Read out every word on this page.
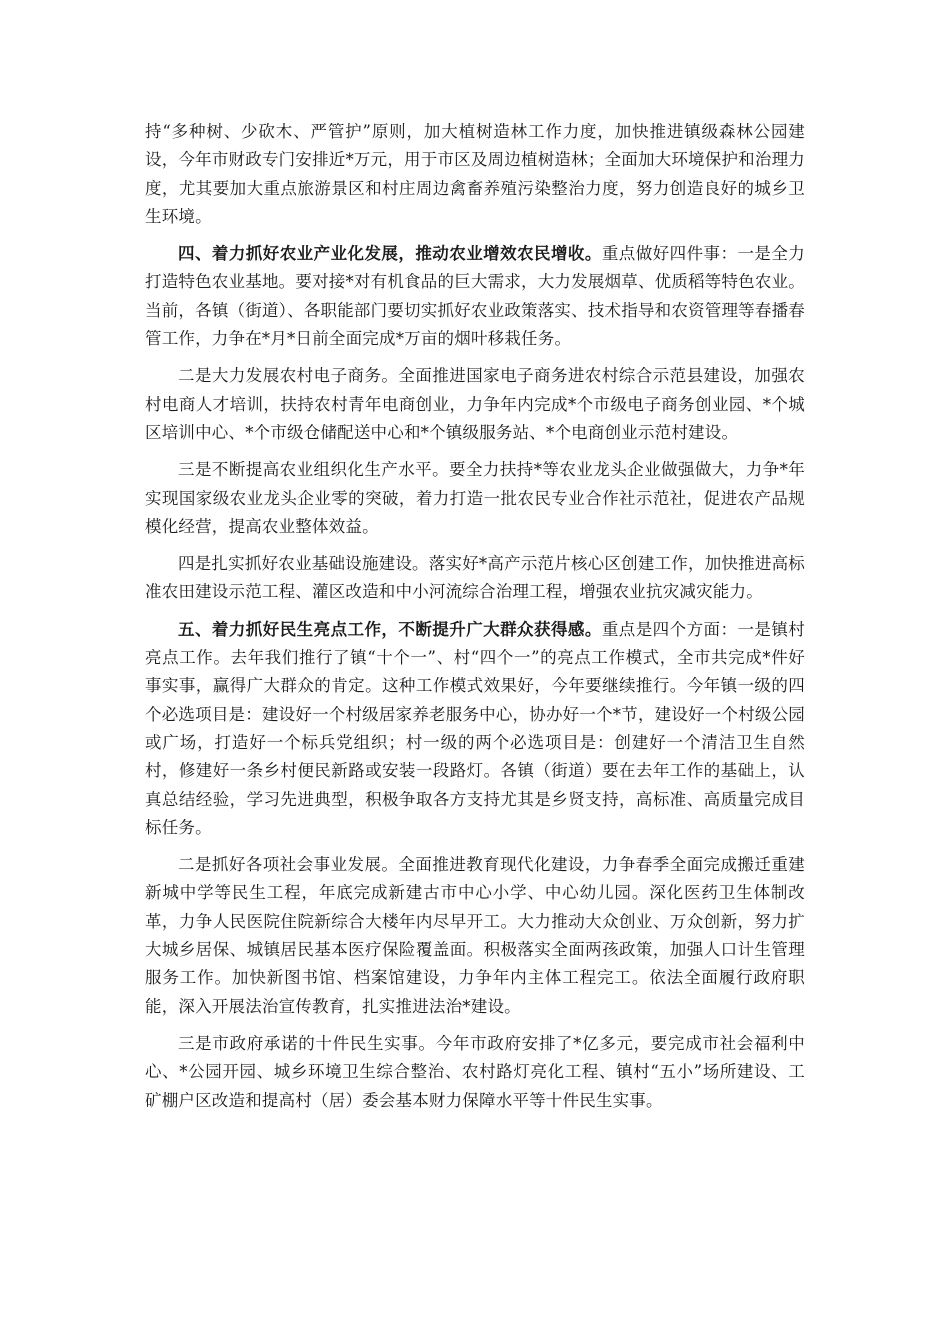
持“多种树、少砍木、严管护”原则，加大植树造林工作力度，加快推进镇级森林公园建设，今年市财政专门安排近*万元，用于市区及周边植树造林；全面加大环境保护和治理力度，尤其要加大重点旅游景区和村庄周边禽畜养殖污染整治力度，努力创造良好的城乡卫生环境。

四、着力抓好农业产业化发展，推动农业增效农民增收。重点做好四件事：一是全力打造特色农业基地。要对接*对有机食品的巨大需求，大力发展烟草、优质稻等特色农业。当前，各镇（街道）、各职能部门要切实抓好农业政策落实、技术指导和农资管理等春播春管工作，力争在*月*日前全面完成*万亩的烟叶移栽任务。

二是大力发展农村电子商务。全面推进国家电子商务进农村综合示范县建设，加强农村电商人才培训，扶持农村青年电商创业，力争年内完成*个市级电子商务创业园、*个城区培训中心、*个市级仓储配送中心和*个镇级服务站、*个电商创业示范村建设。

三是不断提高农业组织化生产水平。要全力扶持*等农业龙头企业做强做大，力争*年实现国家级农业龙头企业零的突破，着力打造一批农民专业合作社示范社，促进农产品规模化经营，提高农业整体效益。

四是扎实抓好农业基础设施建设。落实好*高产示范片核心区创建工作，加快推进高标准农田建设示范工程、灌区改造和中小河流综合治理工程，增强农业抗灾减灾能力。

五、着力抓好民生亮点工作，不断提升广大群众获得感。重点是四个方面：一是镇村亮点工作。去年我们推行了镇“十个一”、村“四个一”的亮点工作模式，全市共完成*件好事实事，赢得广大群众的肯定。这种工作模式效果好，今年要继续推行。今年镇一级的四个必选项目是：建设好一个村级居家养老服务中心，协办好一个*节，建设好一个村级公园或广场，打造好一个标兵党组织；村一级的两个必选项目是：创建好一个清洁卫生自然村，修建好一条乡村便民新路或安装一段路灯。各镇（街道）要在去年工作的基础上，认真总结经验，学习先进典型，积极争取各方支持尤其是乡贤支持，高标准、高质量完成目标任务。

二是抓好各项社会事业发展。全面推进教育现代化建设，力争春季全面完成搬迁重建新城中学等民生工程，年底完成新建古市中心小学、中心幼儿园。深化医药卫生体制改革，力争人民医院住院新综合大楼年内尽早开工。大力推动大众创业、万众创新，努力扩大城乡居保、城镇居民基本医疗保险覆盖面。积极落实全面两孩政策，加强人口计生管理服务工作。加快新图书馆、档案馆建设，力争年内主体工程完工。依法全面履行政府职能，深入开展法治宣传教育，扎实推进法治*建设。

三是市政府承诺的十件民生实事。今年市政府安排了*亿多元，要完成市社会福利中心、*公园开园、城乡环境卫生综合整治、农村路灯亮化工程、镇村“五小”场所建设、工矿棚户区改造和提高村（居）委会基本财力保障水平等十件民生实事。
